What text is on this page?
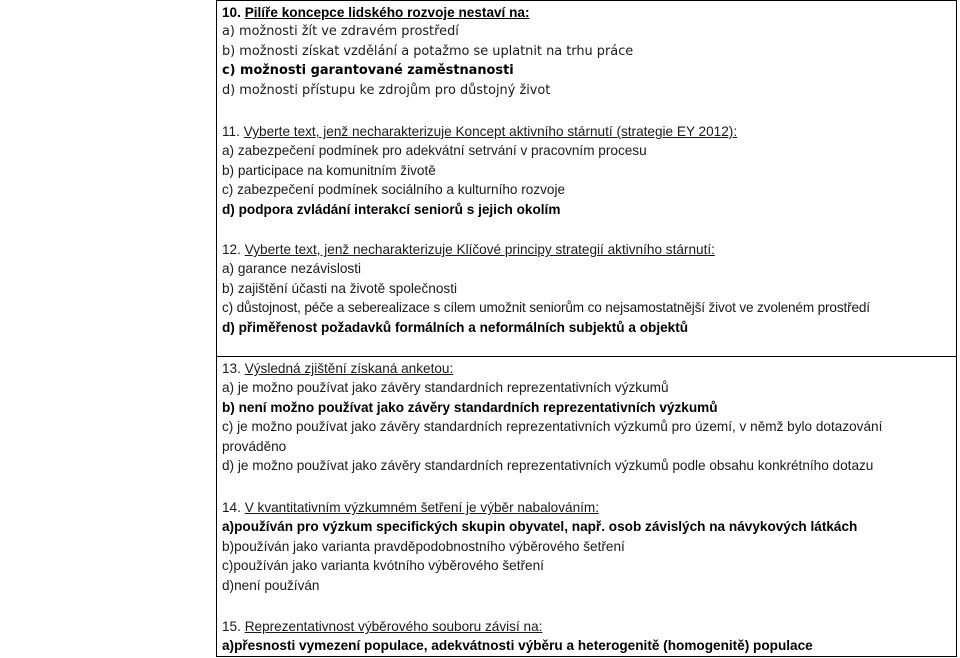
10. Pilíře koncepce lidského rozvoje nestaví na:
a) možnosti žít ve zdravém prostředí
b) možnosti získat vzdělání a potažmo se uplatnit na trhu práce
c) možnosti garantované zaměstnanosti
d) možnosti přístupu ke zdrojům pro důstojný život
11. Vyberte text, jenž necharakterizuje Koncept aktivního stárnutí (strategie EY 2012):
a) zabezpečení podmínek pro adekvátní setrvání v pracovním procesu
b) participace na komunitním životě
c) zabezpečení podmínek sociálního a kulturního rozvoje
d) podpora zvládání interakcí seniorů s jejich okolím
12. Vyberte text, jenž necharakterizuje Klíčové principy strategií aktivního stárnutí:
a) garance nezávislosti
b) zajištění účasti na životě společnosti
c) důstojnost, péče a seberealizace s cílem umožnit seniorům co nejsamostatnější život ve zvoleném prostředí
d) přiměřenost požadavků formálních a neformálních subjektů a objektů
13. Výsledná zjištění získaná anketou:
a) je možno používat jako závěry standardních reprezentativních výzkumů
b) není možno používat jako závěry standardních reprezentativních výzkumů
c) je možno používat jako závěry standardních reprezentativních výzkumů pro území, v němž bylo dotazování prováděno
d) je možno používat jako závěry standardních reprezentativních výzkumů podle obsahu konkrétního dotazu
14. V kvantitativním výzkumném šetření je výběr nabalováním:
a)používán pro výzkum specifických skupin obyvatel, např. osob závislých na návykových látkách
b)používán jako varianta pravděpodobnostního výběrového šetření
c)používán jako varianta kvótního výběrového šetření
d)není používán
15. Reprezentativnost výběrového souboru závisí na:
a)přesnosti vymezení populace, adekvátnosti výběru a heterogenitě (homogenitě) populace
